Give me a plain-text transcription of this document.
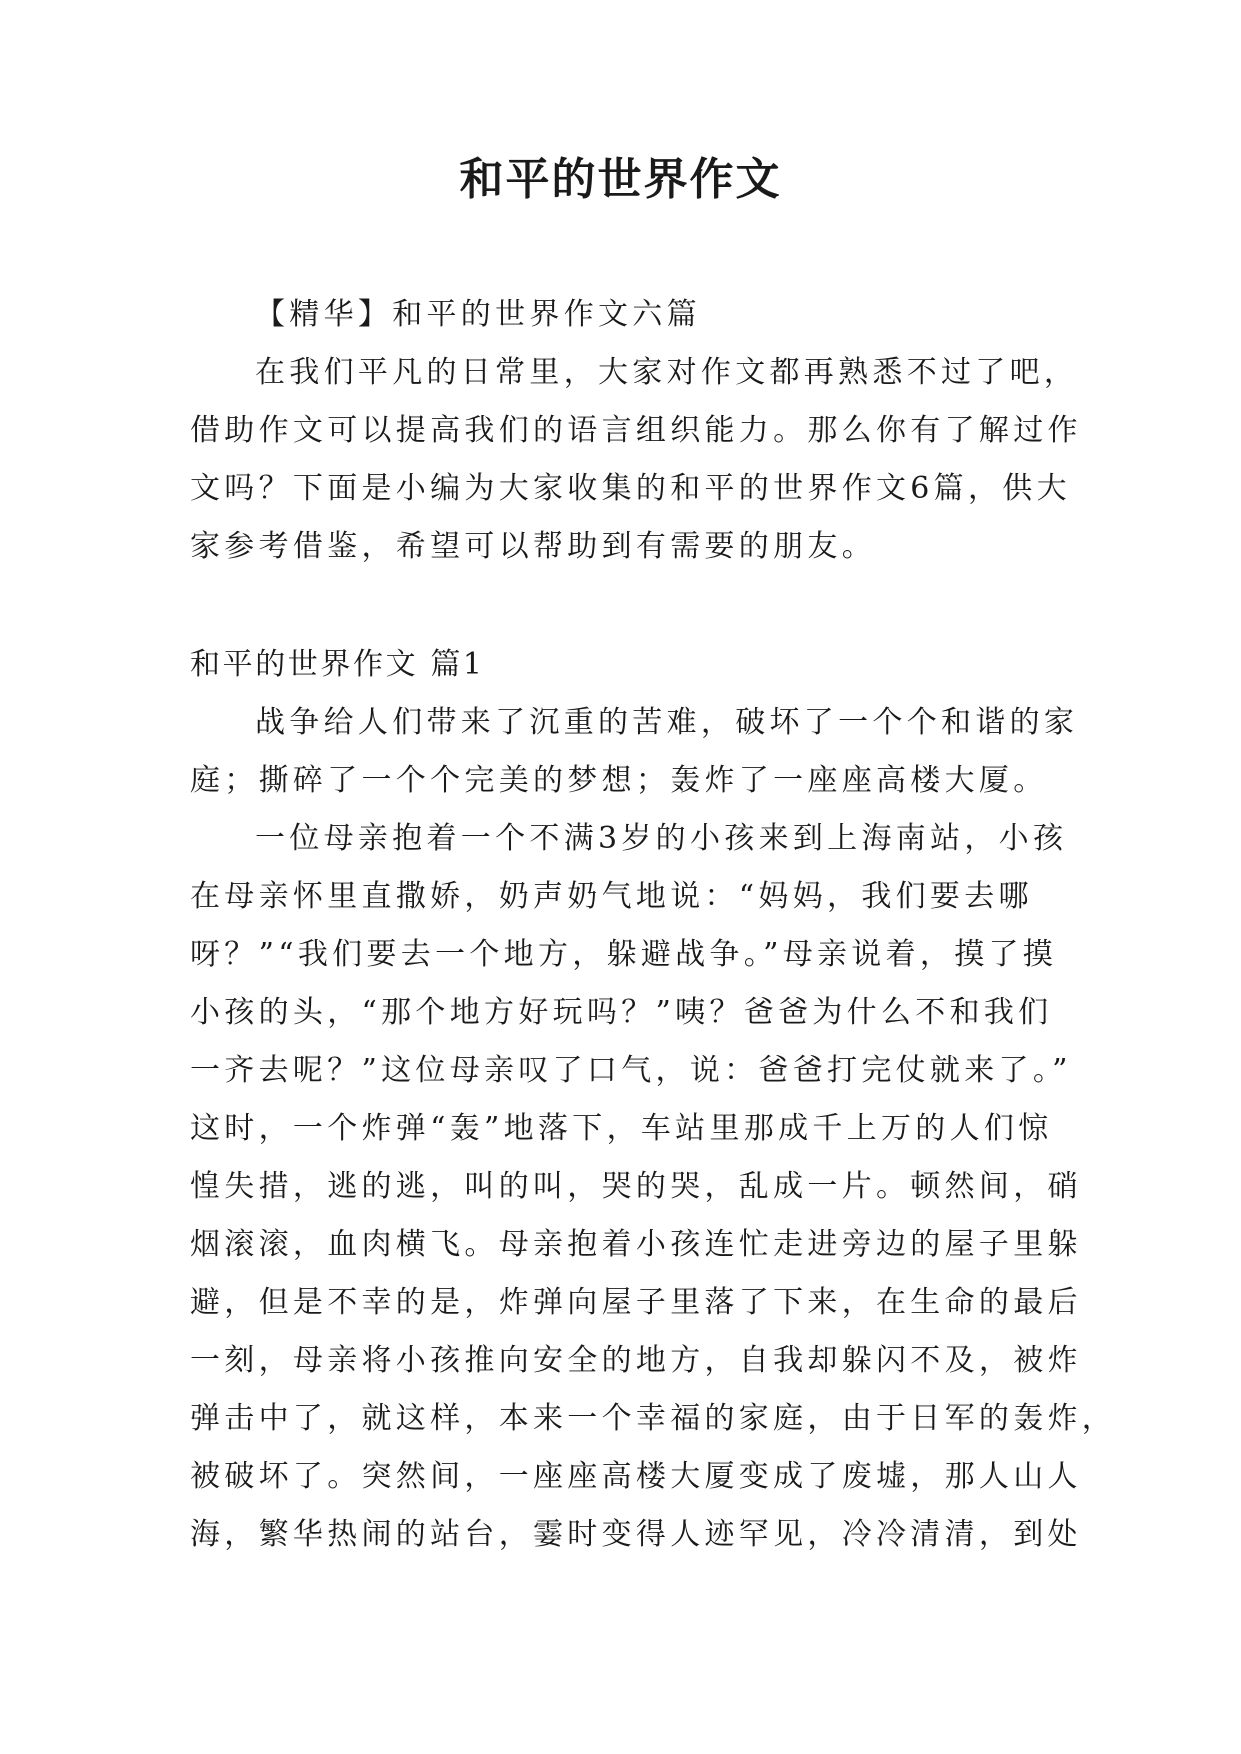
和平的世界作文
【精华】和平的世界作文六篇
在我们平凡的日常里，大家对作文都再熟悉不过了吧，
借助作文可以提高我们的语言组织能力。那么你有了解过作
文吗？下面是小编为大家收集的和平的世界作文6篇，供大
家参考借鉴，希望可以帮助到有需要的朋友。
和平的世界作文 篇1
战争给人们带来了沉重的苦难，破坏了一个个和谐的家
庭；撕碎了一个个完美的梦想；轰炸了一座座高楼大厦。
一位母亲抱着一个不满3岁的小孩来到上海南站，小孩
在母亲怀里直撒娇，奶声奶气地说：“妈妈，我们要去哪
呀？”“我们要去一个地方，躲避战争。”母亲说着，摸了摸
小孩的头，“那个地方好玩吗？”咦？爸爸为什么不和我们
一齐去呢？”这位母亲叹了口气，说：爸爸打完仗就来了。”
这时，一个炸弹“轰”地落下，车站里那成千上万的人们惊
惶失措，逃的逃，叫的叫，哭的哭，乱成一片。顿然间，硝
烟滚滚，血肉横飞。母亲抱着小孩连忙走进旁边的屋子里躲
避，但是不幸的是，炸弹向屋子里落了下来，在生命的最后
一刻，母亲将小孩推向安全的地方，自我却躲闪不及，被炸
弹击中了，就这样，本来一个幸福的家庭，由于日军的轰炸，
被破坏了。突然间，一座座高楼大厦变成了废墟，那人山人
海，繁华热闹的站台，霎时变得人迹罕见，冷冷清清，到处
